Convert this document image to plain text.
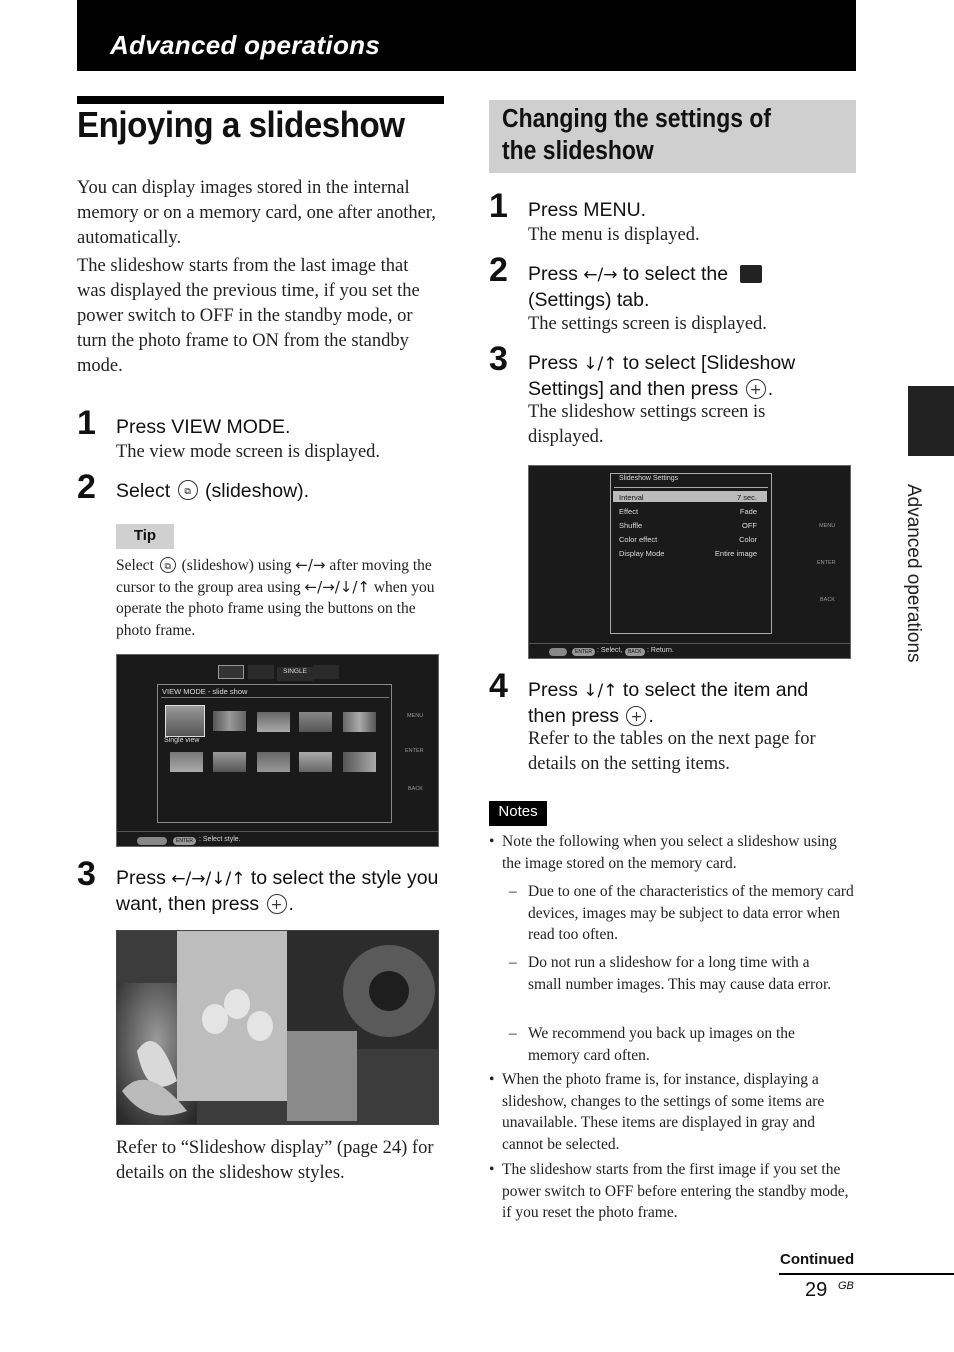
Advanced operations
Enjoying a slideshow
You can display images stored in the internal memory or on a memory card, one after another, automatically.
The slideshow starts from the last image that was displayed the previous time, if you set the power switch to OFF in the standby mode, or turn the photo frame to ON from the standby mode.
1 Press VIEW MODE.
The view mode screen is displayed.
2 Select ⧉ (slideshow).
Tip
Select ⧉ (slideshow) using ←/→ after moving the cursor to the group area using ←/→/↓/↑ when you operate the photo frame using the buttons on the photo frame.
SINGLE
VIEW MODE - slide show
Single view
MENU
ENTER
BACK
ENTER : Select style.
3 Press ←/→/↓/↑ to select the style you want, then press + .
Refer to “Slideshow display” (page 24) for details on the slideshow styles.
Changing the settings of the slideshow
1 Press MENU.
The menu is displayed.
2 Press ←/→ to select the
(Settings) tab.
The settings screen is displayed.
3 Press ↓/↑ to select [Slideshow Settings] and then press + .
The slideshow settings screen is displayed.
Slideshow Settings
Interval	7 sec.
Effect	Fade
Shuffle	OFF
Color effect	Color
Display Mode	Entire image
MENU
ENTER
BACK
ENTER : Select,	BACK : Return.
4 Press ↓/↑ to select the item and then press + .
Refer to the tables on the next page for details on the setting items.
Notes
• Note the following when you select a slideshow using the image stored on the memory card.
– Due to one of the characteristics of the memory card devices, images may be subject to data error when read too often.
– Do not run a slideshow for a long time with a small number images. This may cause data error.
– We recommend you back up images on the memory card often.
• When the photo frame is, for instance, displaying a slideshow, changes to the settings of some items are unavailable. These items are displayed in gray and cannot be selected.
• The slideshow starts from the first image if you set the power switch to OFF before entering the standby mode, if you reset the photo frame.
Advanced operations
Continued
29 GB
